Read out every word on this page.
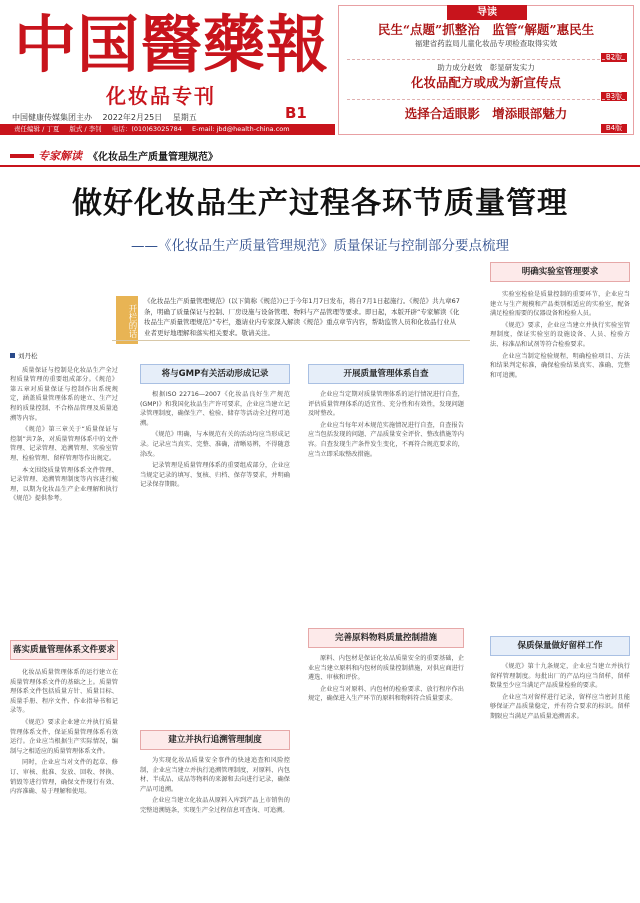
中国醫藥報
化妆品专刊
B1
中国健康传媒集团主办 2022年2月25日 星期五
责任编辑 / 丁夏 版式 / 李钊 电话：(010)63025784 E-mail: jbd@health-china.com
导读
民生“点题”抓整治　监管“解题”惠民生
福建省药监局儿童化妆品专项检查取得实效
B2版
助力成分赵效　彰显研发实力
化妆品配方或成为新宣传点
B3版
选择合适眼影　增添眼部魅力
B4版
专家解读 《化妆品生产质量管理规范》
做好化妆品生产过程各环节质量管理
——《化妆品生产质量管理规范》质量保证与控制部分要点梳理
开栏的话
《化妆品生产质量管理规范》(以下简称《规范》)已于今年1月7日发布，将自7月1日起施行。《规范》共九章67条，明确了质量保证与控制、厂房设施与设备管理、物料与产品管理等要求。即日起，本版开辟“专家解读《化妆品生产质量管理规范》”专栏，邀请业内专家深入解读《规范》重点章节内容，帮助监管人员和化妆品行业从业者更好地理解和落实相关要求。敬请关注。
刘丹松

质量保证与控制是化妆品生产全过程质量管理的重要组成部分。《规范》第五章对质量保证与控制作出系统规定，涵盖质量管理体系的建立、生产过程的质量控制、不合格品管理及质量追溯等内容。

《规范》第三章关于“质量保证与控制”共7条，对质量管理体系中的文件管理、记录管理、追溯管理、实验室管理、检验管理、留样管理等作出规定。

本文围绕质量管理体系文件管理、记录管理、追溯管理制度等内容进行梳理，以期为化妆品生产企业理解和执行《规范》提供参考。

落实质量管理体系文件要求

化妆品质量管理体系的运行建立在质量管理体系文件的基础之上。质量管理体系文件包括质量方针、质量目标、质量手册、程序文件、作业指导书和记录等。

《规范》要求企业建立并执行质量管理体系文件，保证质量管理体系有效运行。企业应当根据生产实际情况，编制与之相适应的质量管理体系文件。

同时，企业应当对文件的起草、修订、审核、批准、发放、回收、替换、销毁等进行管理，确保文件现行有效、内容准确、易于理解和使用。

将与GMP有关活动形成记录

根据ISO 22716—2007《化妆品良好生产规范(GMP)》和我国化妆品生产许可要求，企业应当建立记录管理制度，确保生产、检验、储存等活动全过程可追溯。

《规范》明确，与本规范有关的活动均应当形成记录。记录应当真实、完整、准确，清晰易辨，不得随意涂改。

记录管理是质量管理体系的重要组成部分，企业应当规定记录的填写、复核、归档、保存等要求，并明确记录保存期限。

建立并执行追溯管理制度

为实现化妆品质量安全事件的快速追查和风险控制，企业应当建立并执行追溯管理制度，对原料、内包材、半成品、成品等物料的来源和去向进行记录，确保产品可追溯。

企业应当建立化妆品从原料入库到产品上市销售的完整追溯链条，实现生产全过程信息可查询、可追溯。

开展质量管理体系自查

企业应当定期对质量管理体系的运行情况进行自查，评估质量管理体系的适宜性、充分性和有效性，发现问题及时整改。

企业应当每年对本规范实施情况进行自查，自查报告应当包括发现的问题、产品质量安全评价、整改措施等内容。自查发现生产条件发生变化，不再符合规范要求的，应当立即采取整改措施。

完善原料物料质量控制措施

原料、内包材是保证化妆品质量安全的重要基础，企业应当建立原料和内包材的质量控制措施，对供应商进行遴选、审核和评价。

企业应当对原料、内包材的检验要求、放行程序作出规定，确保进入生产环节的原料和物料符合质量要求。

明确实验室管理要求

实验室检验是质量控制的重要环节，企业应当建立与生产规模和产品类别相适应的实验室，配备满足检验需要的仪器设备和检验人员。

《规范》要求，企业应当建立并执行实验室管理制度，保证实验室的设施设备、人员、检验方法、标准品和试剂等符合检验要求。

企业应当制定检验规程，明确检验项目、方法和结果判定标准，确保检验结果真实、准确、完整和可追溯。

保质保量做好留样工作

《规范》第十九条规定，企业应当建立并执行留样管理制度。每批出厂的产品均应当留样，留样数量至少应当满足产品质量检验的要求。

企业应当对留样进行记录，留样应当密封且能够保证产品质量稳定，并有符合要求的标识。留样期限应当满足产品质量追溯需求。
